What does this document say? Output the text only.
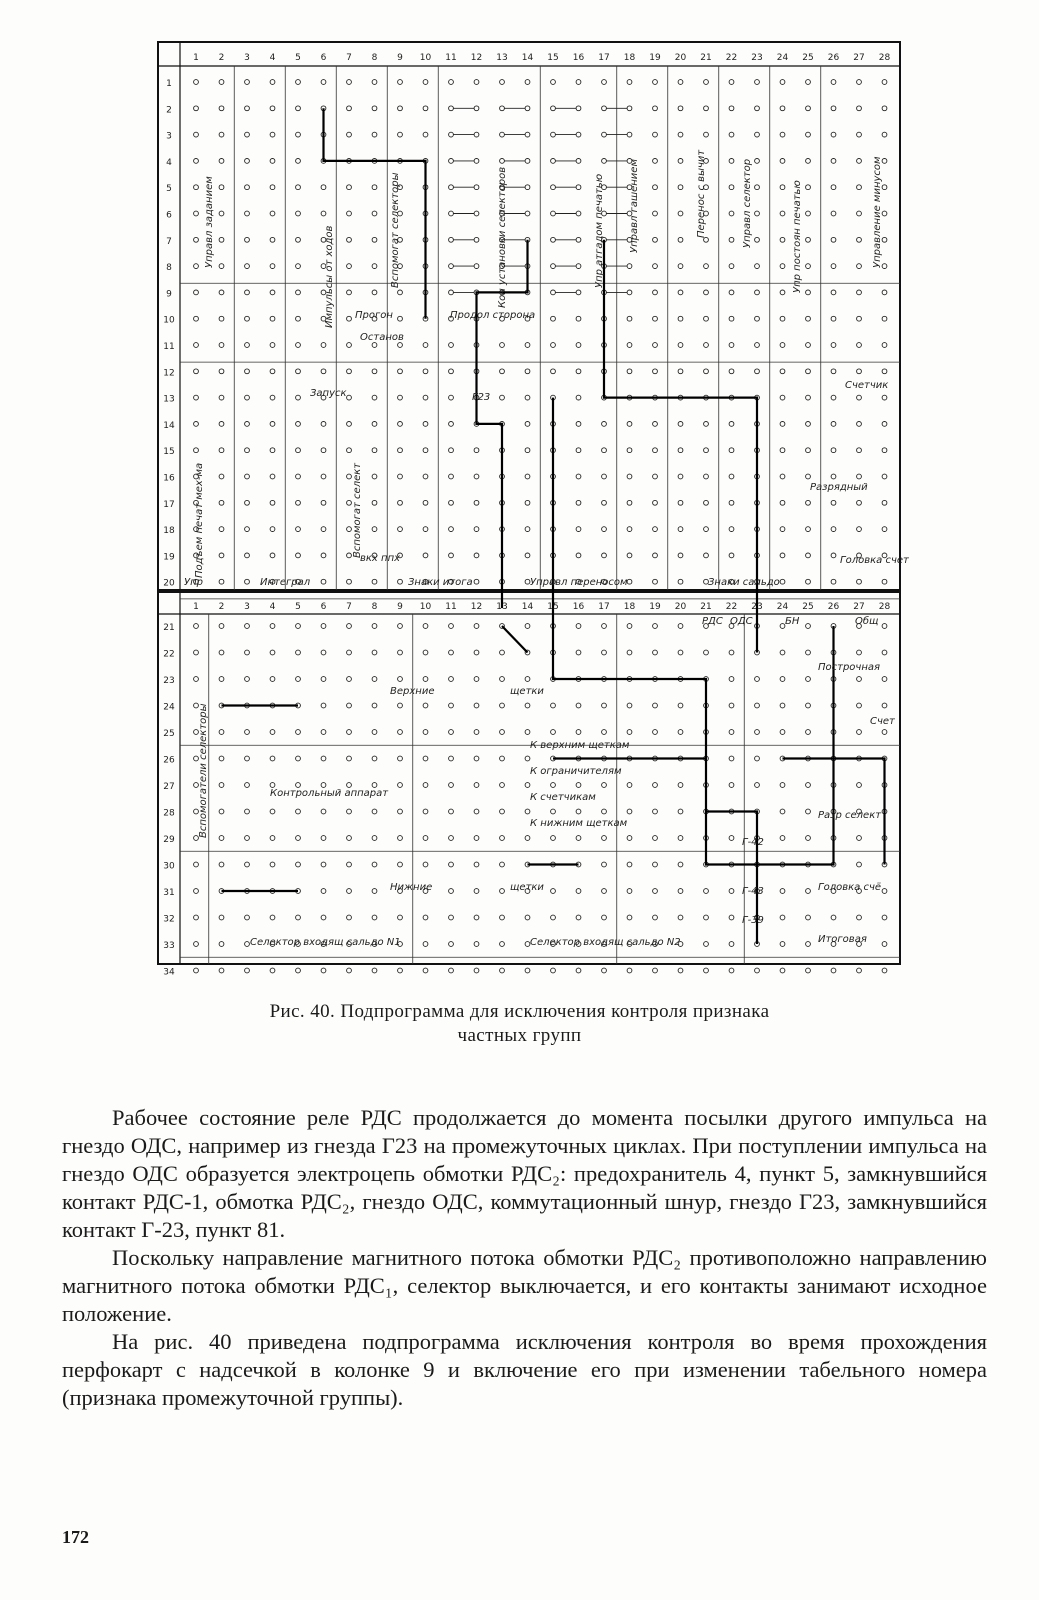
1
1
2
2
3
3
4
4
5
5
6
6
7
7
8
8
9
9
10
10
11
11
12
12
13
13
14
14
15
15
16
16
17
17
18
18
19
19
20
20
21
21
22
22
23
23
24
24
25
25
26
26
27
27
28
28
1
2
3
4
5
6
7
8
9
10
11
12
13
14
15
16
17
18
19
20
21
22
23
24
25
26
27
28
29
30
31
32
33
34
Управл заданием
Импульсы от ходов	Вспомогат селекторы	Кон установки селекторов	Упр атгадом печатью Управл гашением	Перенос с вычит	Управл селектор	Упр постоян печатью	Управление минусом
Прогон
Останов
Продол сторона
Запуск
Вспомогат селект
Подъем печат мех-ма
Счетчик
Разрядный
Головка счет
Интеграл
вкх ппх
Знаки итога	Управл переносом	Знаки сальдо
Упр
Верхние	щетки
Нижние	щетки
К верхним щеткам
К ограничителям
К счетчикам
К нижним щеткам
Контрольный аппарат
Вспомогатели селекторы
Построчная
Счет
Разр селект
Головка счё
Итоговая
Селектор входящ сальдо N1	Селектор входящ сальдо N2
ОДС
РДС	БН	Общ
Г23
Г-42
Г-43
Г-39
Рис. 40. Подпрограмма для исключения контроля признака
частных групп

Рабочее состояние реле РДС продолжается до момента посылки другого импульса на гнездо ОДС, например из гнезда Г23 на промежуточных циклах. При поступлении импульса на гнездо ОДС образуется электроцепь обмотки РДС₂: предохранитель 4, пункт 5, замкнувшийся контакт РДС-1, обмотка РДС₂, гнездо ОДС, коммутационный шнур, гнездо Г23, замкнувшийся контакт Г-23, пункт 81.

Поскольку направление магнитного потока обмотки РДС₂ противоположно направлению магнитного потока обмотки РДС₁, селектор выключается, и его контакты занимают исходное положение.

На рис. 40 приведена подпрограмма исключения контроля во время прохождения перфокарт с надсечкой в колонке 9 и включение его при изменении табельного номера (признака промежуточной группы).

172
